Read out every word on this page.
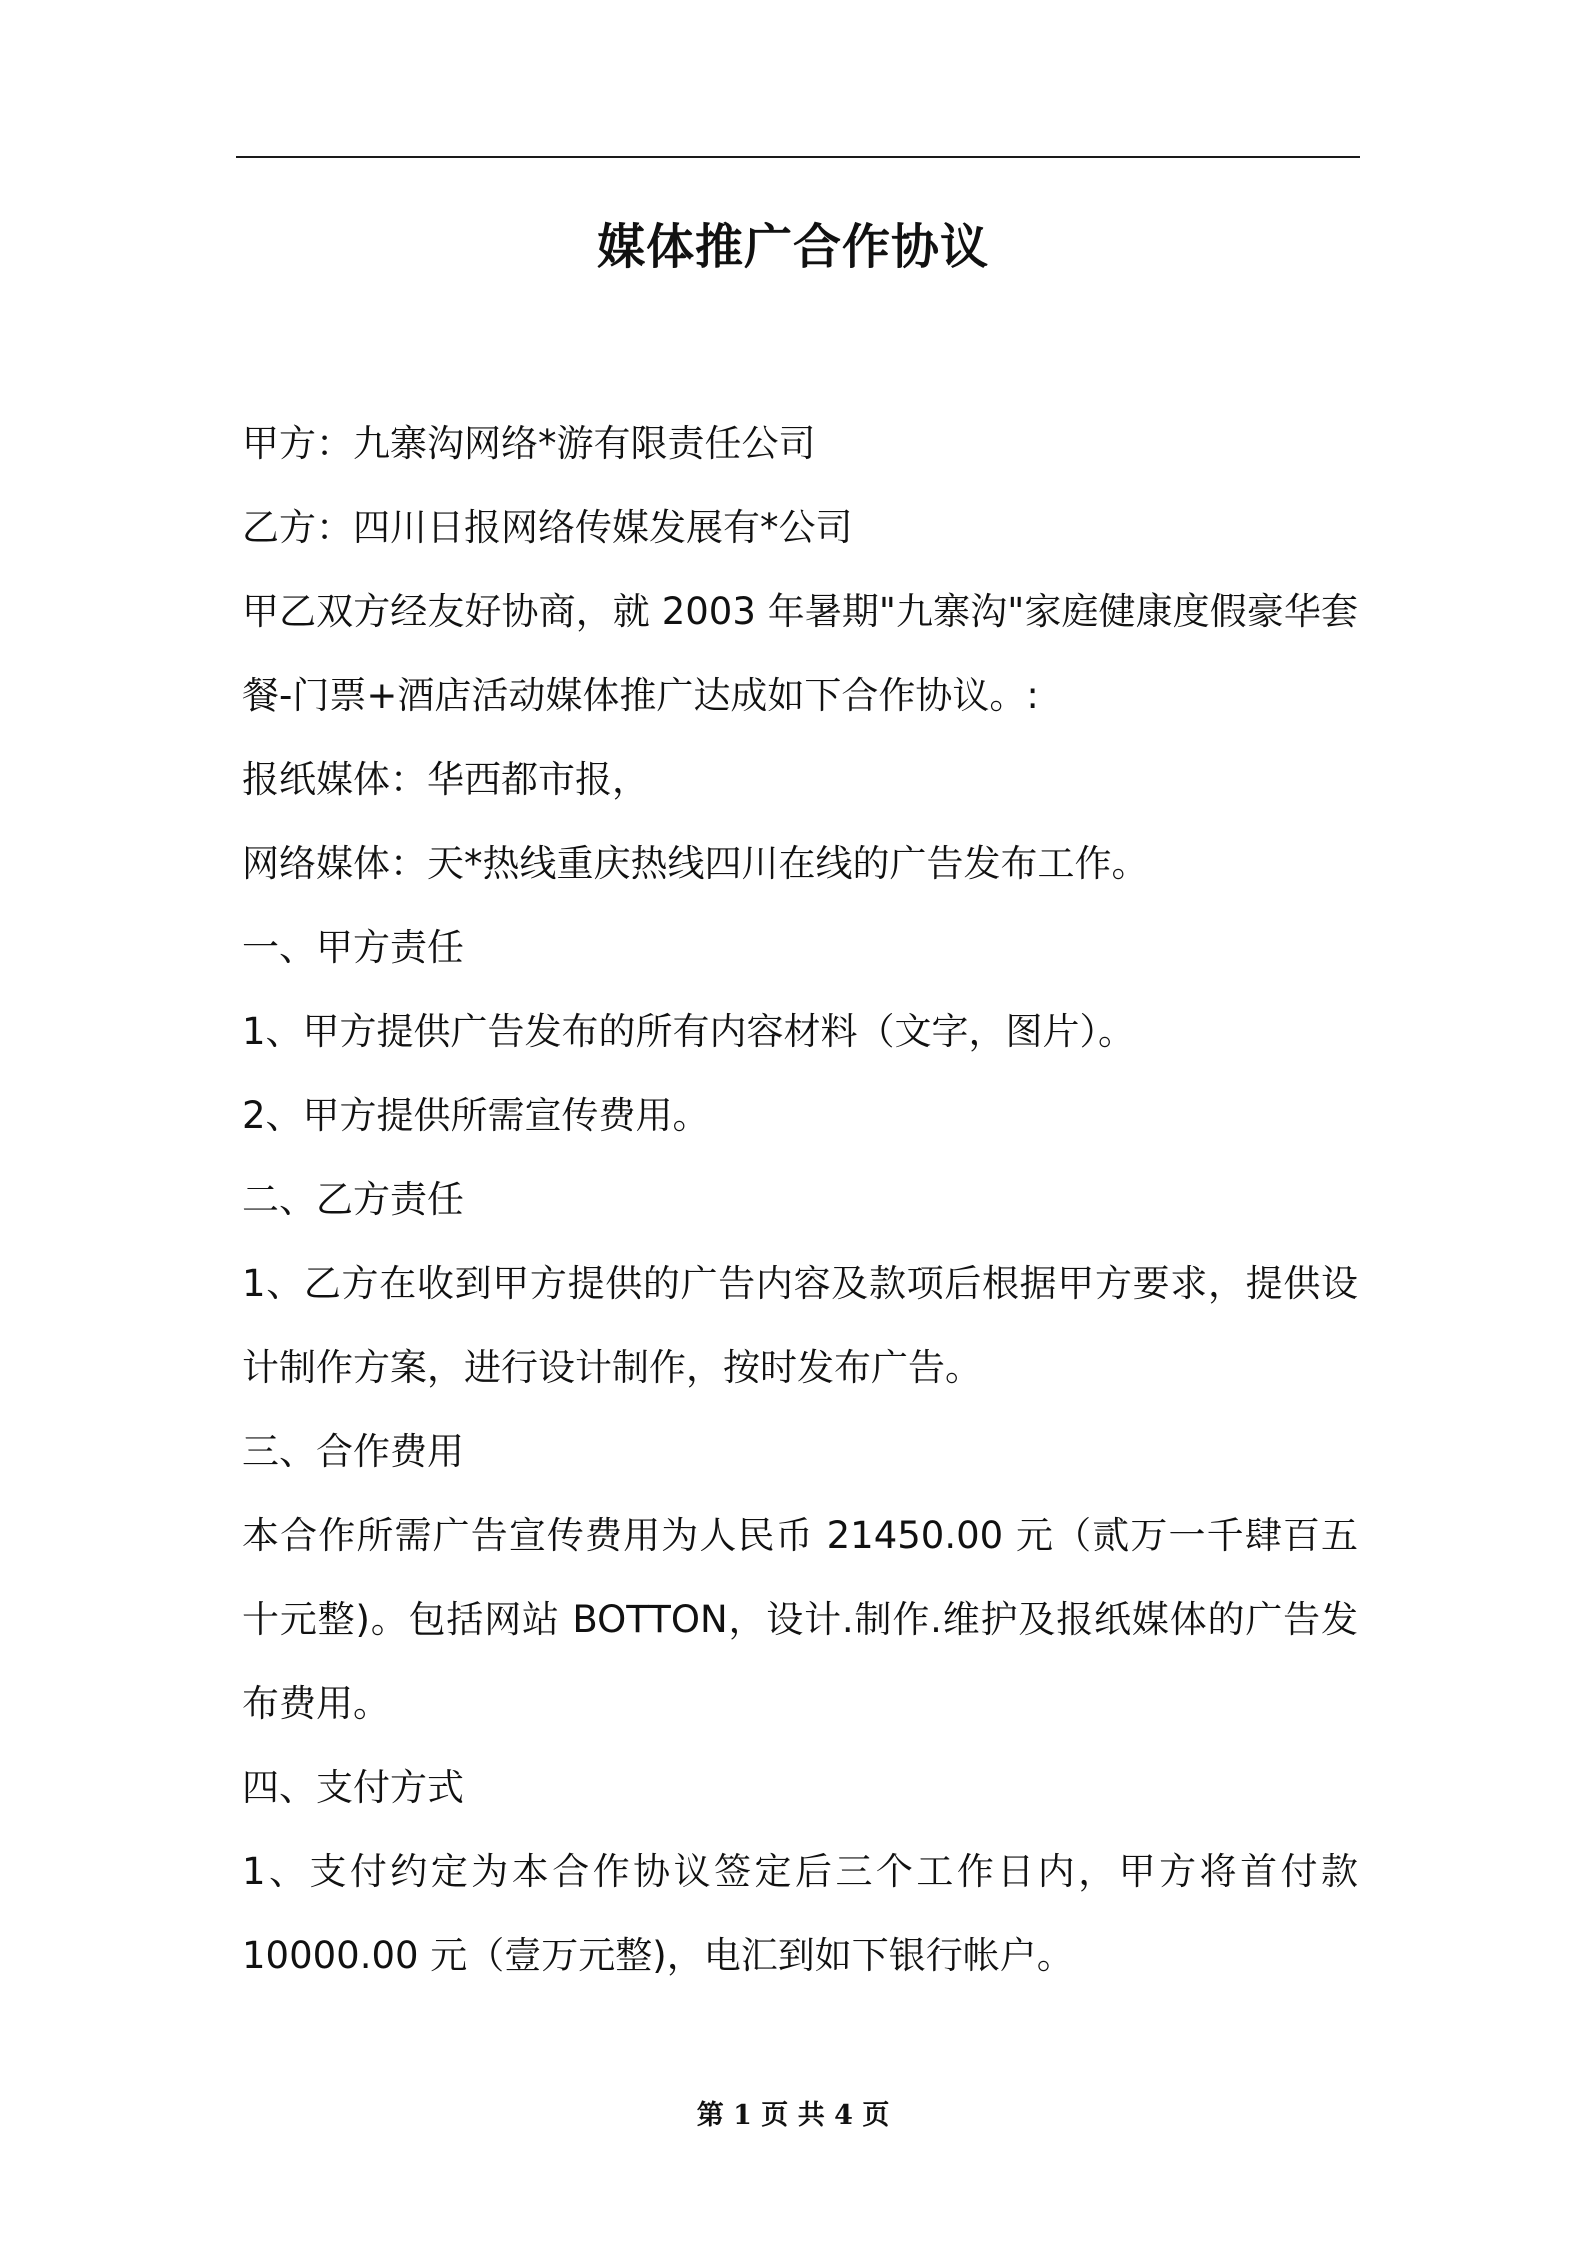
媒体推广合作协议

甲方：九寨沟网络*游有限责任公司

乙方：四川日报网络传媒发展有*公司

甲乙双方经友好协商，就 2003 年暑期"九寨沟"家庭健康度假豪华套餐-门票+酒店活动媒体推广达成如下合作协议。:

报纸媒体：华西都市报，

网络媒体：天*热线重庆热线四川在线的广告发布工作。

一、甲方责任

1、甲方提供广告发布的所有内容材料（文字，图片）。

2、甲方提供所需宣传费用。

二、乙方责任

1、乙方在收到甲方提供的广告内容及款项后根据甲方要求，提供设计制作方案，进行设计制作，按时发布广告。

三、合作费用

本合作所需广告宣传费用为人民币 21450.00 元（贰万一千肆百五十元整)。包括网站 BOTTON，设计.制作.维护及报纸媒体的广告发布费用。

四、支付方式

1、支付约定为本合作协议签定后三个工作日内，甲方将首付款 10000.00 元（壹万元整)，电汇到如下银行帐户。

第 1 页 共 4 页
